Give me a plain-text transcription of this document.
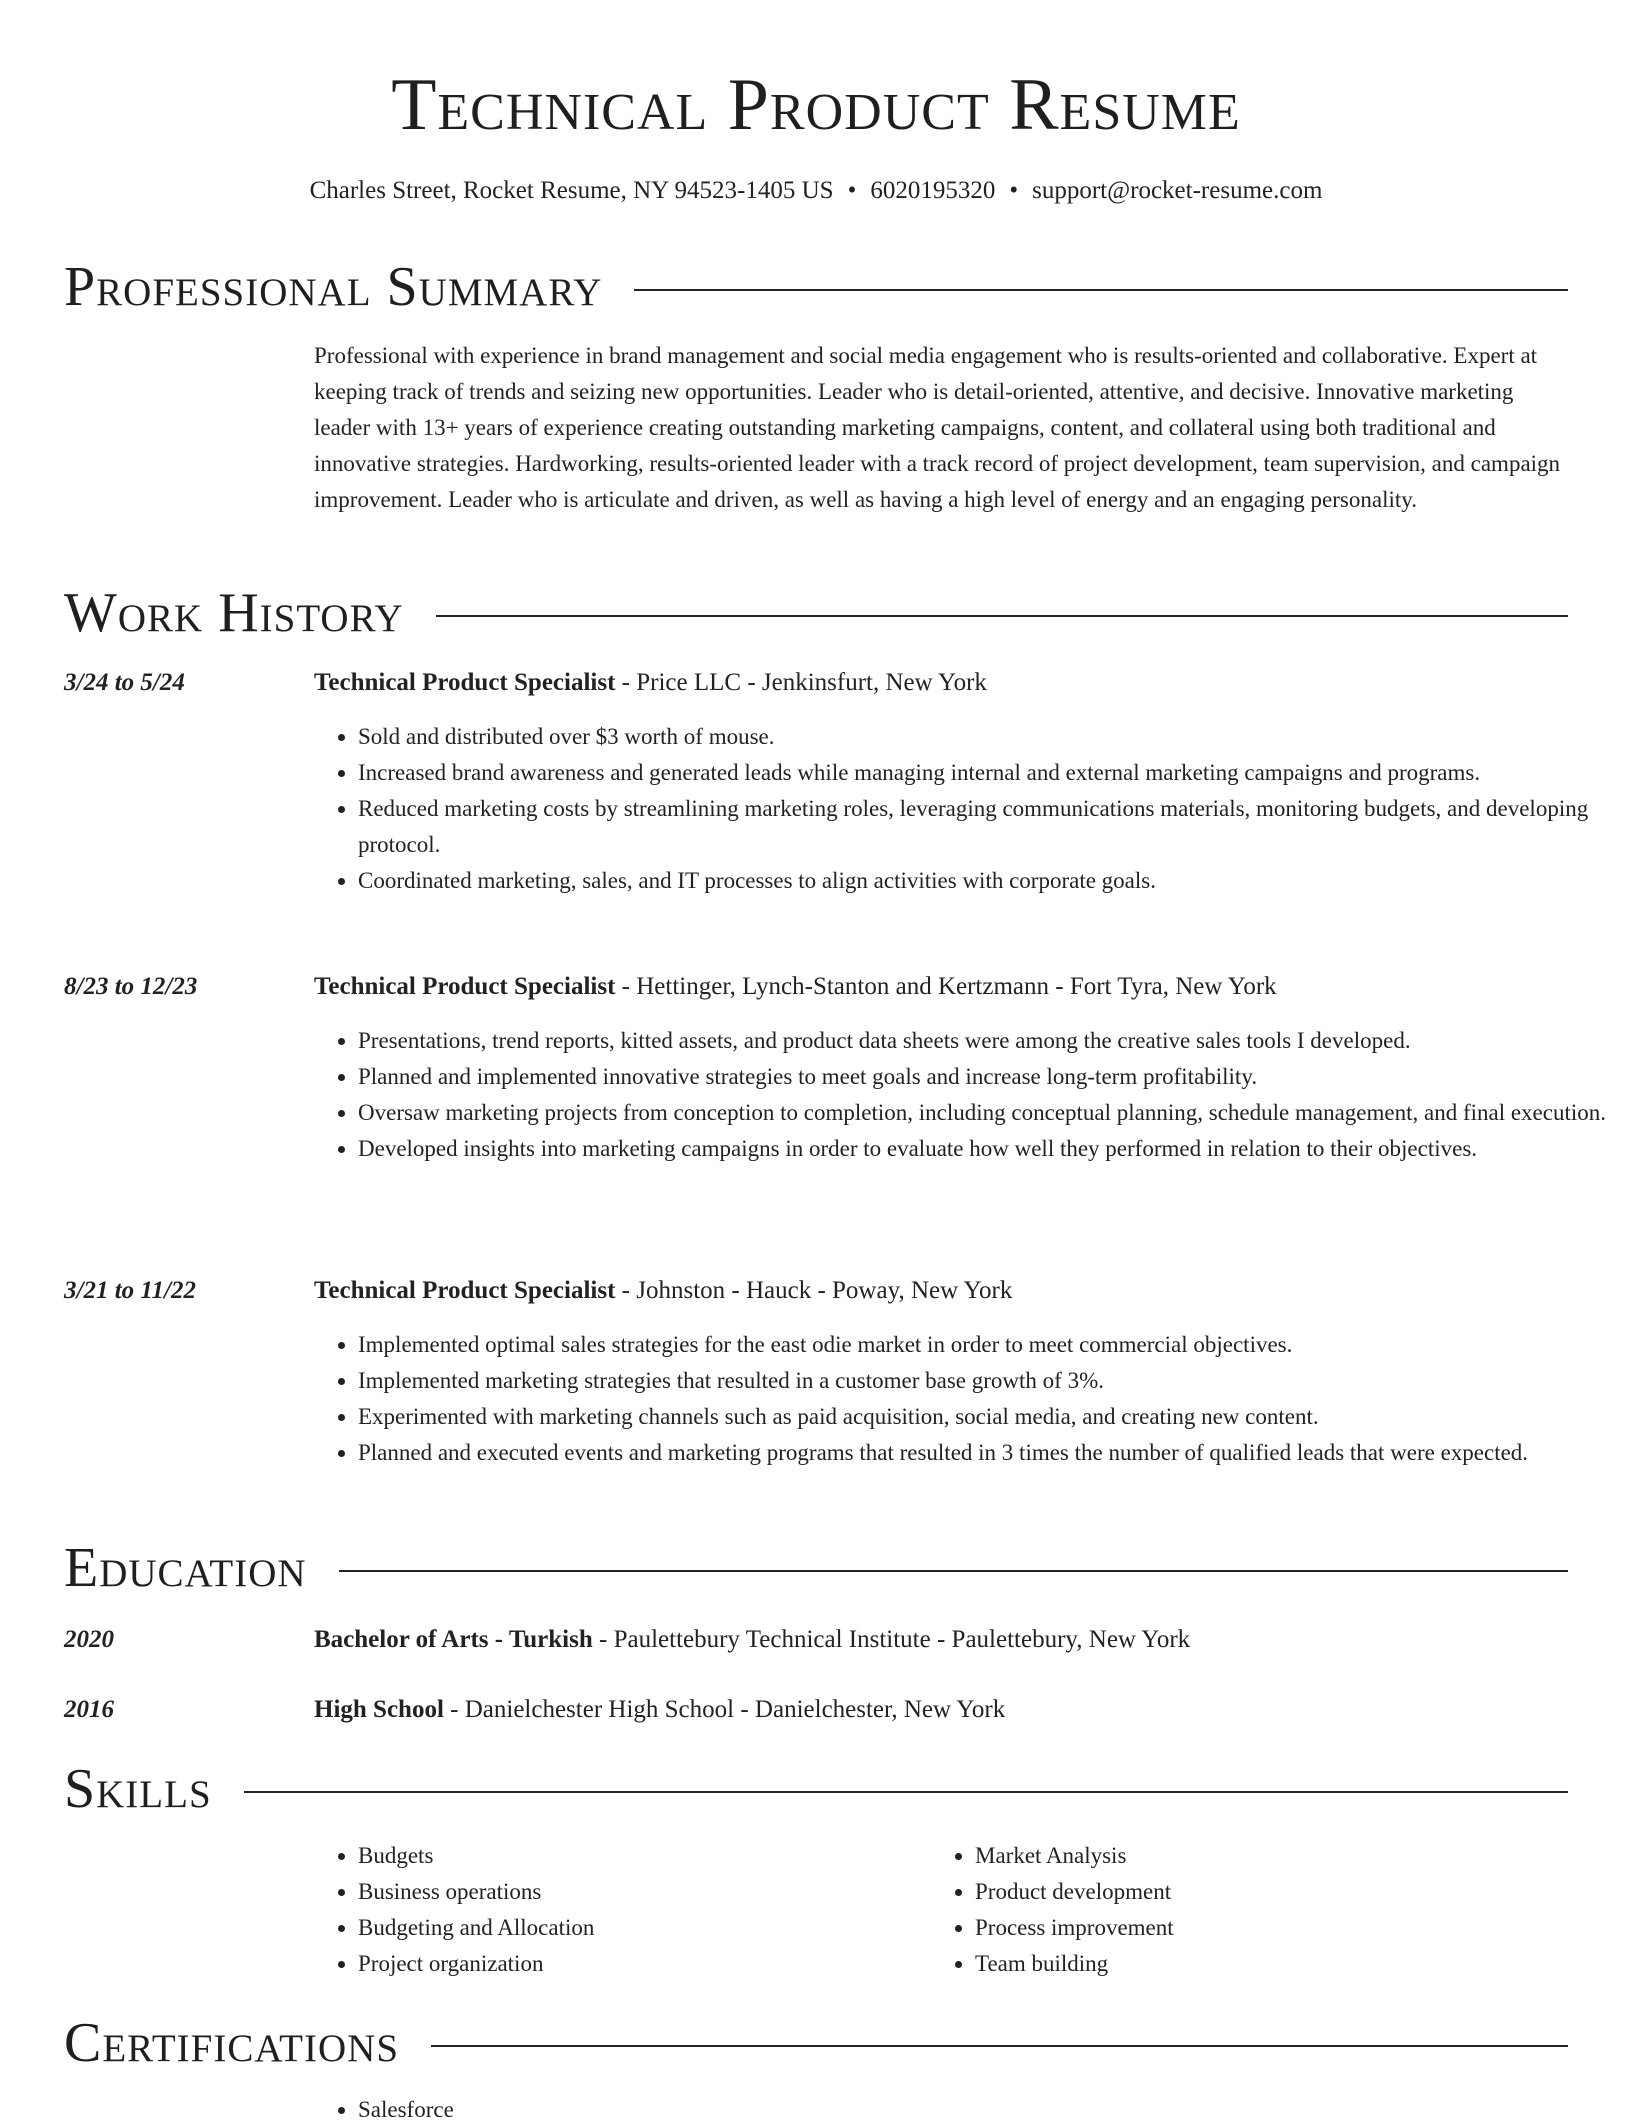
Technical Product Resume
Charles Street, Rocket Resume, NY 94523-1405 US • 6020195320 • support@rocket-resume.com
Professional Summary

Professional with experience in brand management and social media engagement who is results-oriented and collaborative. Expert at keeping track of trends and seizing new opportunities. Leader who is detail-oriented, attentive, and decisive. Innovative marketing leader with 13+ years of experience creating outstanding marketing campaigns, content, and collateral using both traditional and innovative strategies. Hardworking, results-oriented leader with a track record of project development, team supervision, and campaign improvement. Leader who is articulate and driven, as well as having a high level of energy and an engaging personality.

Work History
3/24 to 5/24	Technical Product Specialist - Price LLC - Jenkinsfurt, New York
• Sold and distributed over $3 worth of mouse.
• Increased brand awareness and generated leads while managing internal and external marketing campaigns and programs.
• Reduced marketing costs by streamlining marketing roles, leveraging communications materials, monitoring budgets, and developing protocol.
• Coordinated marketing, sales, and IT processes to align activities with corporate goals.
8/23 to 12/23	Technical Product Specialist - Hettinger, Lynch-Stanton and Kertzmann - Fort Tyra, New York
• Presentations, trend reports, kitted assets, and product data sheets were among the creative sales tools I developed.
• Planned and implemented innovative strategies to meet goals and increase long-term profitability.
• Oversaw marketing projects from conception to completion, including conceptual planning, schedule management, and final execution.
• Developed insights into marketing campaigns in order to evaluate how well they performed in relation to their objectives.
3/21 to 11/22	Technical Product Specialist - Johnston - Hauck - Poway, New York
• Implemented optimal sales strategies for the east odie market in order to meet commercial objectives.
• Implemented marketing strategies that resulted in a customer base growth of 3%.
• Experimented with marketing channels such as paid acquisition, social media, and creating new content.
• Planned and executed events and marketing programs that resulted in 3 times the number of qualified leads that were expected.
Education
2020	Bachelor of Arts - Turkish - Paulettebury Technical Institute - Paulettebury, New York
2016	High School - Danielchester High School - Danielchester, New York
Skills
• Budgets
• Business operations
• Budgeting and Allocation
• Project organization
• Market Analysis
• Product development
• Process improvement
• Team building
Certifications
• Salesforce
